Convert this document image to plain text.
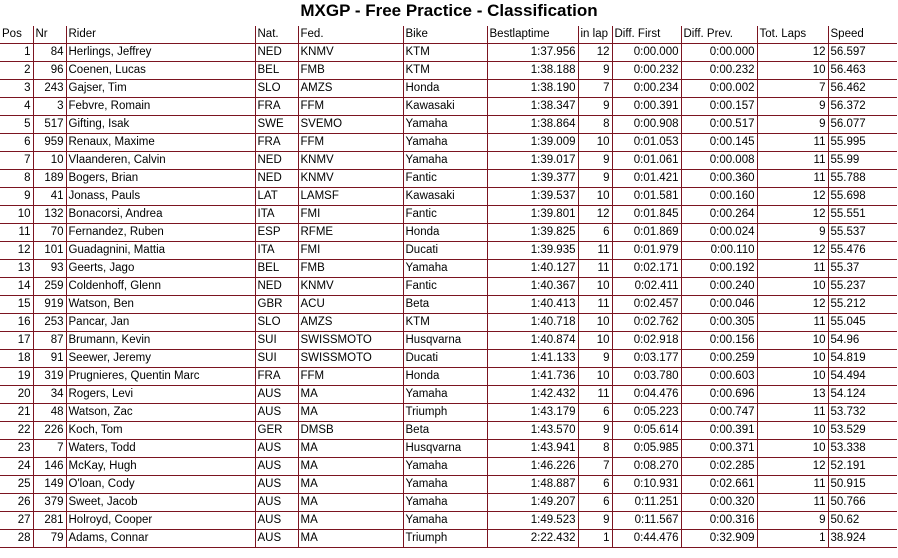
MXGP - Free Practice - Classification
Pos	Nr	Rider	Nat.	Fed.	Bike	Bestlaptime	in lap	Diff. First	Diff. Prev.	Tot. Laps	Speed
1	84	Herlings, Jeffrey	NED	KNMV	KTM	1:37.956	12	0:00.000	0:00.000	12	56.597
2	96	Coenen, Lucas	BEL	FMB	KTM	1:38.188	9	0:00.232	0:00.232	10	56.463
3	243	Gajser, Tim	SLO	AMZS	Honda	1:38.190	7	0:00.234	0:00.002	7	56.462
4	3	Febvre, Romain	FRA	FFM	Kawasaki	1:38.347	9	0:00.391	0:00.157	9	56.372
5	517	Gifting, Isak	SWE	SVEMO	Yamaha	1:38.864	8	0:00.908	0:00.517	9	56.077
6	959	Renaux, Maxime	FRA	FFM	Yamaha	1:39.009	10	0:01.053	0:00.145	11	55.995
7	10	Vlaanderen, Calvin	NED	KNMV	Yamaha	1:39.017	9	0:01.061	0:00.008	11	55.99
8	189	Bogers, Brian	NED	KNMV	Fantic	1:39.377	9	0:01.421	0:00.360	11	55.788
9	41	Jonass, Pauls	LAT	LAMSF	Kawasaki	1:39.537	10	0:01.581	0:00.160	12	55.698
10	132	Bonacorsi, Andrea	ITA	FMI	Fantic	1:39.801	12	0:01.845	0:00.264	12	55.551
11	70	Fernandez, Ruben	ESP	RFME	Honda	1:39.825	6	0:01.869	0:00.024	9	55.537
12	101	Guadagnini, Mattia	ITA	FMI	Ducati	1:39.935	11	0:01.979	0:00.110	12	55.476
13	93	Geerts, Jago	BEL	FMB	Yamaha	1:40.127	11	0:02.171	0:00.192	11	55.37
14	259	Coldenhoff, Glenn	NED	KNMV	Fantic	1:40.367	10	0:02.411	0:00.240	10	55.237
15	919	Watson, Ben	GBR	ACU	Beta	1:40.413	11	0:02.457	0:00.046	12	55.212
16	253	Pancar, Jan	SLO	AMZS	KTM	1:40.718	10	0:02.762	0:00.305	11	55.045
17	87	Brumann, Kevin	SUI	SWISSMOTO	Husqvarna	1:40.874	10	0:02.918	0:00.156	10	54.96
18	91	Seewer, Jeremy	SUI	SWISSMOTO	Ducati	1:41.133	9	0:03.177	0:00.259	10	54.819
19	319	Prugnieres, Quentin Marc	FRA	FFM	Honda	1:41.736	10	0:03.780	0:00.603	10	54.494
20	34	Rogers, Levi	AUS	MA	Yamaha	1:42.432	11	0:04.476	0:00.696	13	54.124
21	48	Watson, Zac	AUS	MA	Triumph	1:43.179	6	0:05.223	0:00.747	11	53.732
22	226	Koch, Tom	GER	DMSB	Beta	1:43.570	9	0:05.614	0:00.391	10	53.529
23	7	Waters, Todd	AUS	MA	Husqvarna	1:43.941	8	0:05.985	0:00.371	10	53.338
24	146	McKay, Hugh	AUS	MA	Yamaha	1:46.226	7	0:08.270	0:02.285	12	52.191
25	149	O'loan, Cody	AUS	MA	Yamaha	1:48.887	6	0:10.931	0:02.661	11	50.915
26	379	Sweet, Jacob	AUS	MA	Yamaha	1:49.207	6	0:11.251	0:00.320	11	50.766
27	281	Holroyd, Cooper	AUS	MA	Yamaha	1:49.523	9	0:11.567	0:00.316	9	50.62
28	79	Adams, Connar	AUS	MA	Triumph	2:22.432	1	0:44.476	0:32.909	1	38.924
